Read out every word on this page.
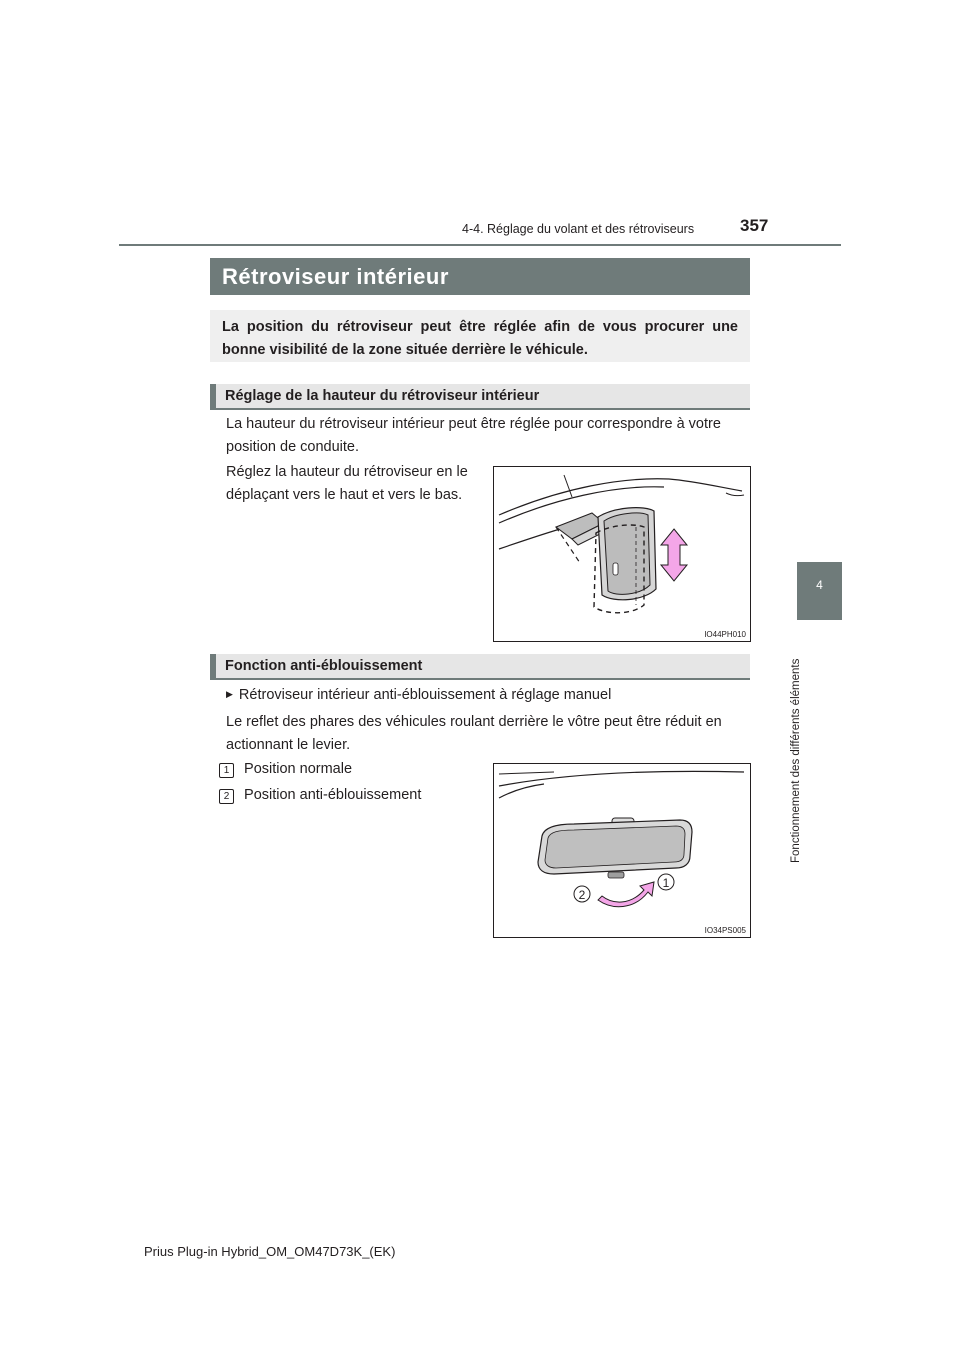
4-4. Réglage du volant et des rétroviseurs	357
4
Fonctionnement des différents éléments
Rétroviseur intérieur

La position du rétroviseur peut être réglée afin de vous procurer une bonne visibilité de la zone située derrière le véhicule.

Réglage de la hauteur du rétroviseur intérieur
La hauteur du rétroviseur intérieur peut être réglée pour correspondre à votre
position de conduite.
Réglez la hauteur du rétroviseur en le
déplaçant vers le haut et vers le bas.
IO44PH010
Fonction anti-éblouissement
▶ Rétroviseur intérieur anti-éblouissement à réglage manuel
Le reflet des phares des véhicules roulant derrière le vôtre peut être réduit en
actionnant le levier.
1 Position normale
2 Position anti-éblouissement
1
2
IO34PS005
Prius Plug-in Hybrid_OM_OM47D73K_(EK)
